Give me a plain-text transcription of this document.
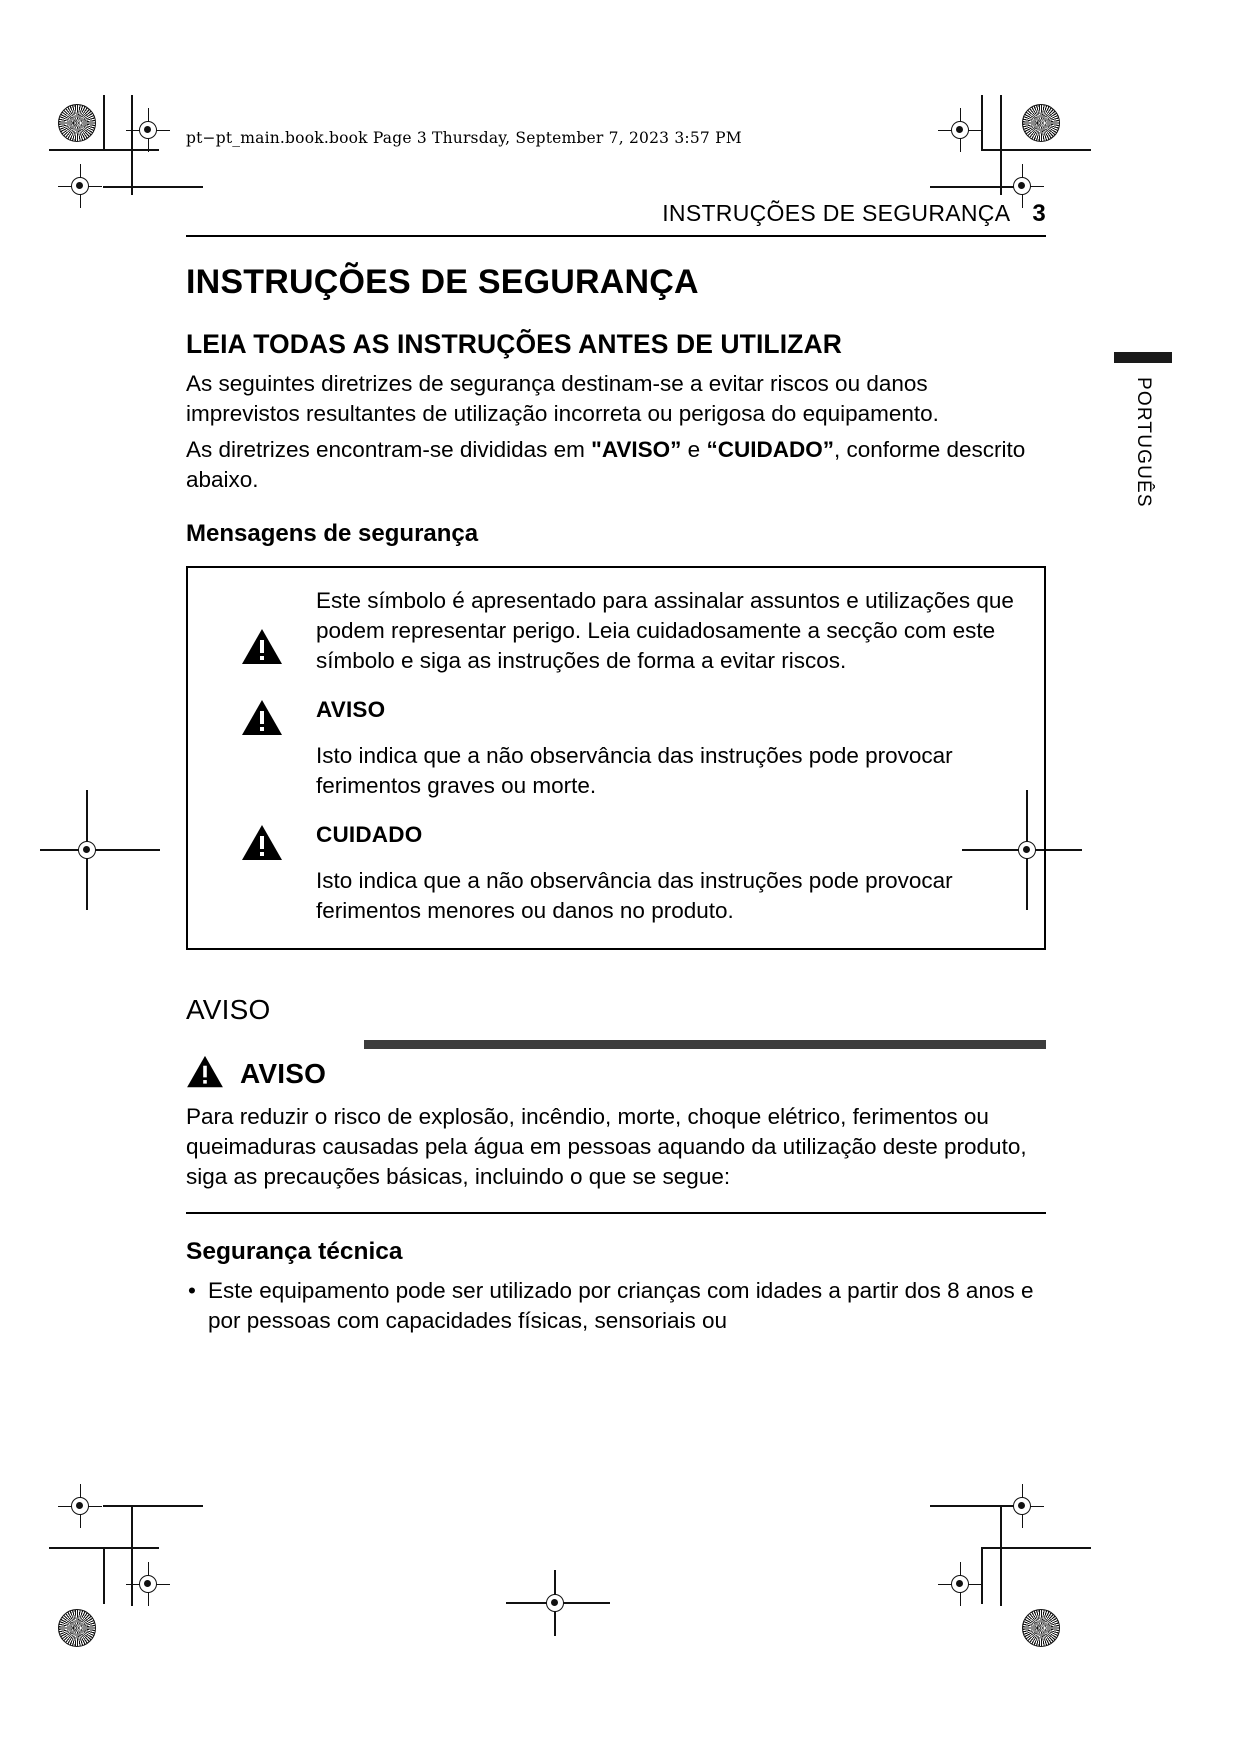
pt−pt_main.book.book Page 3 Thursday, September 7, 2023 3:57 PM
PORTUGUÊS
INSTRUÇÕES DE SEGURANÇA 3
INSTRUÇÕES DE SEGURANÇA
LEIA TODAS AS INSTRUÇÕES ANTES DE UTILIZAR

As seguintes diretrizes de segurança destinam-se a evitar riscos ou danos imprevistos resultantes de utilização incorreta ou perigosa do equipamento.

As diretrizes encontram-se divididas em "AVISO” e “CUIDADO”, conforme descrito abaixo.

Mensagens de segurança
Este símbolo é apresentado para assinalar assuntos e utilizações que podem representar perigo. Leia cuidadosamente a secção com este símbolo e siga as instruções de forma a evitar riscos.
AVISO
Isto indica que a não observância das instruções pode provocar ferimentos graves ou morte.
CUIDADO
Isto indica que a não observância das instruções pode provocar ferimentos menores ou danos no produto.
AVISO
AVISO

Para reduzir o risco de explosão, incêndio, morte, choque elétrico, ferimentos ou queimaduras causadas pela água em pessoas aquando da utilização deste produto, siga as precauções básicas, incluindo o que se segue:

Segurança técnica
• Este equipamento pode ser utilizado por crianças com idades a partir dos 8 anos e por pessoas com capacidades físicas, sensoriais ou
